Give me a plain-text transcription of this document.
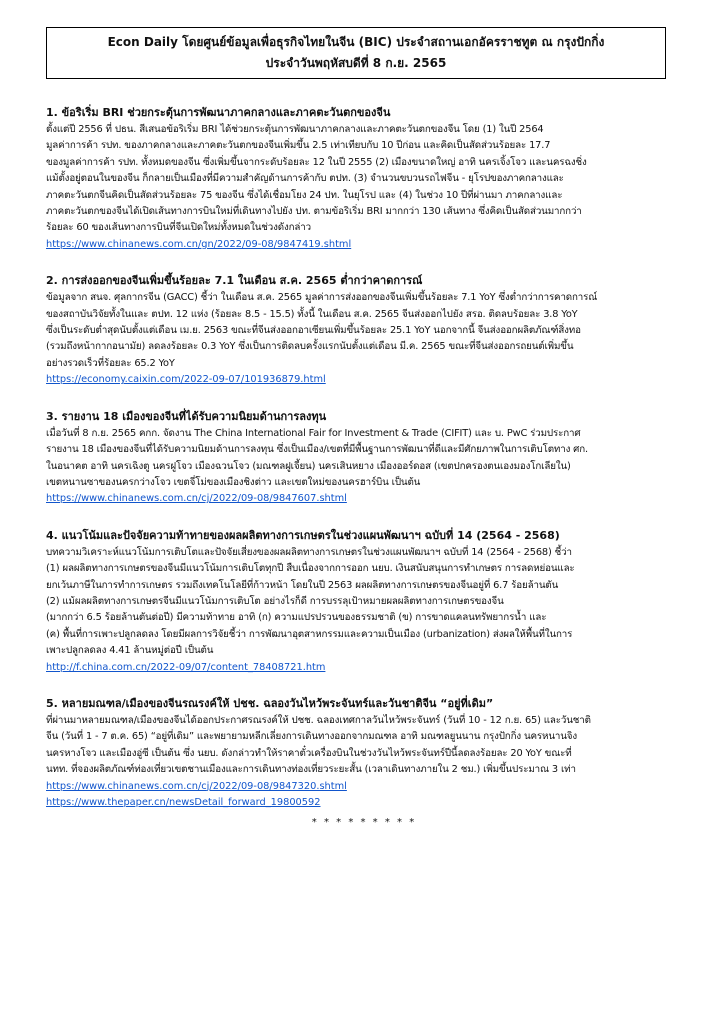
Econ Daily โดยศูนย์ข้อมูลเพื่อธุรกิจไทยในจีน (BIC) ประจำสถานเอกอัครราชทูต ณ กรุงปักกิ่ง
ประจำวันพฤหัสบดีที่ 8 ก.ย. 2565
1. ข้อริเริ่ม BRI ช่วยกระตุ้นการพัฒนาภาคกลางและภาคตะวันตกของจีน

ตั้งแต่ปี 2556 ที่ ปธน. สีเสนอข้อริเริ่ม BRI ได้ช่วยกระตุ้นการพัฒนาภาคกลางและภาคตะวันตกของจีน โดย (1) ในปี 2564

มูลค่าการค้า รปท. ของภาคกลางและภาคตะวันตกของจีนเพิ่มขึ้น 2.5 เท่าเทียบกับ 10 ปีก่อน และคิดเป็นสัดส่วนร้อยละ 17.7

ของมูลค่าการค้า รปท. ทั้งหมดของจีน ซึ่งเพิ่มขึ้นจากระดับร้อยละ 12 ในปี 2555 (2) เมืองขนาดใหญ่ อาทิ นครเจิ้งโจว และนครฉงชิ่ง

แม้ตั้งอยู่ตอนในของจีน ก็กลายเป็นเมืองที่มีความสำคัญด้านการค้ากับ ตปท. (3) จำนวนขบวนรถไฟจีน - ยุโรปของภาคกลางและ

ภาคตะวันตกจีนคิดเป็นสัดส่วนร้อยละ 75 ของจีน ซึ่งได้เชื่อมโยง 24 ปท. ในยุโรป และ (4) ในช่วง 10 ปีที่ผ่านมา ภาคกลางและ

ภาคตะวันตกของจีนได้เปิดเส้นทางการบินใหม่ที่เดินทางไปยัง ปท. ตามข้อริเริ่ม BRI มากกว่า 130 เส้นทาง ซึ่งคิดเป็นสัดส่วนมากกว่า

ร้อยละ 60 ของเส้นทางการบินที่จีนเปิดใหม่ทั้งหมดในช่วงดังกล่าว

https://www.chinanews.com.cn/gn/2022/09-08/9847419.shtml
2. การส่งออกของจีนเพิ่มขึ้นร้อยละ 7.1 ในเดือน ส.ค. 2565 ต่ำกว่าคาดการณ์

ข้อมูลจาก สนจ. ศุลกากรจีน (GACC) ชี้ว่า ในเดือน ส.ค. 2565 มูลค่าการส่งออกของจีนเพิ่มขึ้นร้อยละ 7.1 YoY ซึ่งต่ำกว่าการคาดการณ์

ของสถาบันวิจัยทั้งในและ ตปท. 12 แห่ง (ร้อยละ 8.5 - 15.5) ทั้งนี้ ในเดือน ส.ค. 2565 จีนส่งออกไปยัง สรอ. ติดลบร้อยละ 3.8 YoY

ซึ่งเป็นระดับต่ำสุดนับตั้งแต่เดือน เม.ย. 2563 ขณะที่จีนส่งออกอาเซียนเพิ่มขึ้นร้อยละ 25.1 YoY นอกจากนี้ จีนส่งออกผลิตภัณฑ์สิ่งทอ

(รวมถึงหน้ากากอนามัย) ลดลงร้อยละ 0.3 YoY ซึ่งเป็นการติดลบครั้งแรกนับตั้งแต่เดือน มี.ค. 2565 ขณะที่จีนส่งออกรถยนต์เพิ่มขึ้น

อย่างรวดเร็วที่ร้อยละ 65.2 YoY

https://economy.caixin.com/2022-09-07/101936879.html
3. รายงาน 18 เมืองของจีนที่ได้รับความนิยมด้านการลงทุน

เมื่อวันที่ 8 ก.ย. 2565 คกก. จัดงาน The China International Fair for Investment & Trade (CIFIT) และ บ. PwC ร่วมประกาศ

รายงาน 18 เมืองของจีนที่ได้รับความนิยมด้านการลงทุน ซึ่งเป็นเมือง/เขตที่มีพื้นฐานการพัฒนาที่ดีและมีศักยภาพในการเติบโตทาง ศก.

ในอนาคต อาทิ นครเฉิงตู นครฝูโจว เมืองฉวนโจว (มณฑลฝูเจี้ยน) นครเสินหยาง เมืองออร์ดอส (เขตปกครองตนเองมองโกเลียใน)

เขตหนานซาของนครกว่างโจว เขตจี่โม่ของเมืองชิงต่าว และเขตใหม่ของนครฮาร์บิน เป็นต้น

https://www.chinanews.com.cn/cj/2022/09-08/9847607.shtml
4. แนวโน้มและปัจจัยความท้าทายของผลผลิตทางการเกษตรในช่วงแผนพัฒนาฯ ฉบับที่ 14 (2564 - 2568)

บทความวิเคราะห์แนวโน้มการเติบโตและปัจจัยเสี่ยงของผลผลิตทางการเกษตรในช่วงแผนพัฒนาฯ ฉบับที่ 14 (2564 - 2568) ชี้ว่า

(1) ผลผลิตทางการเกษตรของจีนมีแนวโน้มการเติบโตทุกปี สืบเนื่องจากการออก นยบ. เงินสนับสนุนการทำเกษตร การลดหย่อนและ

ยกเว้นภาษีในการทำการเกษตร รวมถึงเทคโนโลยีที่ก้าวหน้า โดยในปี 2563 ผลผลิตทางการเกษตรของจีนอยู่ที่ 6.7 ร้อยล้านตัน

(2) แม้ผลผลิตทางการเกษตรจีนมีแนวโน้มการเติบโต อย่างไรก็ดี การบรรลุเป้าหมายผลผลิตทางการเกษตรของจีน

(มากกว่า 6.5 ร้อยล้านตันต่อปี) มีความท้าทาย อาทิ (ก) ความแปรปรวนของธรรมชาติ (ข) การขาดแคลนทรัพยากรน้ำ และ

(ค) พื้นที่การเพาะปลูกลดลง โดยมีผลการวิจัยชี้ว่า การพัฒนาอุตสาหกรรมและความเป็นเมือง (urbanization) ส่งผลให้พื้นที่ในการ

เพาะปลูกลดลง 4.41 ล้านหมู่ต่อปี เป็นต้น

http://f.china.com.cn/2022-09/07/content_78408721.htm
5. หลายมณฑล/เมืองของจีนรณรงค์ให้ ปชช. ฉลองวันไหว้พระจันทร์และวันชาติจีน “อยู่ที่เดิม”

ที่ผ่านมาหลายมณฑล/เมืองของจีนได้ออกประกาศรณรงค์ให้ ปชช. ฉลองเทศกาลวันไหว้พระจันทร์ (วันที่ 10 - 12 ก.ย. 65) และวันชาติ

จีน (วันที่ 1 - 7 ต.ค. 65) “อยู่ที่เดิม” และพยายามหลีกเลี่ยงการเดินทางออกจากมณฑล อาทิ มณฑลยูนนาน กรุงปักกิ่ง นครหนานจิง

นครหางโจว และเมืองอู่ซี เป็นต้น ซึ่ง นยบ. ดังกล่าวทำให้ราคาตั๋วเครื่องบินในช่วงวันไหว้พระจันทร์ปีนี้ลดลงร้อยละ 20 YoY ขณะที่

นทท. ที่จองผลิตภัณฑ์ท่องเที่ยวเขตชานเมืองและการเดินทางท่องเที่ยวระยะสั้น (เวลาเดินทางภายใน 2 ชม.) เพิ่มขึ้นประมาณ 3 เท่า

https://www.chinanews.com.cn/cj/2022/09-08/9847320.shtml
https://www.thepaper.cn/newsDetail_forward_19800592
* * * * * * * * *
